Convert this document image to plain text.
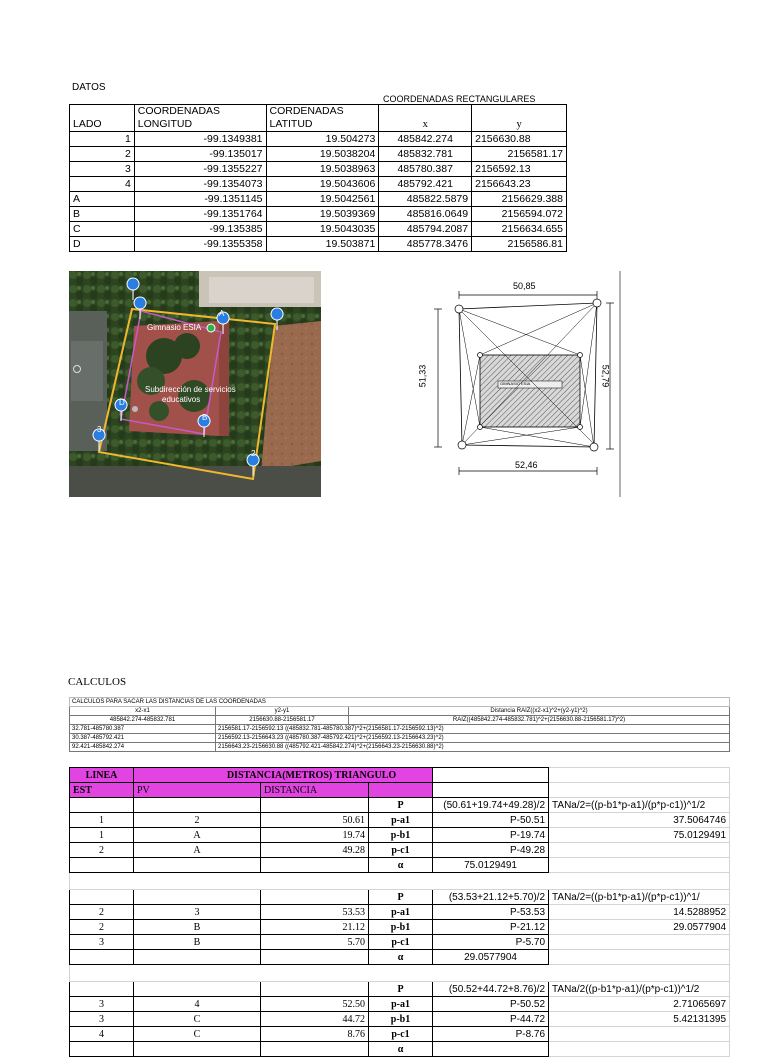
DATOS
COORDENADAS RECTANGULARES
LADO	COORDENADAS LONGITUD	CORDENADAS LATITUD	x	y
1	-99.1349381	19.504273	485842.274	2156630.88
2	-99.135017	19.5038204	485832.781	2156581.17
3	-99.1355227	19.5038963	485780.387	2156592.13
4	-99.1354073	19.5043606	485792.421	2156643.23
A	-99.1351145	19.5042561	485822.5879	2156629.388
B	-99.1351764	19.5039369	485816.0649	2156594.072
C	-99.135385	19.5043035	485794.2087	2156634.655
D	-99.1355358	19.503871	485778.3476	2156586.81
Gimnasio ESIA
Subdirección de servicios
educativos
A
B
D
2
3
50,85
52,46
51,33	52,79
GIMNASIO ESIA
CALCULOS
CALCULOS PARA SACAR LAS DISTANCIAS DE LAS COORDENADAS		
x2-x1	y2-y1	Distancia RAIZ((x2-x1)^2+(y2-y1)^2)
485842.274-485832.781	2156630.88-2156581.17	RAIZ((485842.274-485832.781)^2+(2156630.88-2156581.17)^2)
32.781-485780.387	2156581.17-2156592.13 ((485832.781-485780.387)^2+(2156581.17-2156592.13)^2)	
30.387-485792.421	2156592.13-2156643.23 ((485780.387-485792.421)^2+(2156592.13-2156643.23)^2)	
92.421-485842.274	2156643.23-2156630.88 ((485792.421-485842.274)^2+(2156643.23-2156630.88)^2)	
LINEA	DISTANCIA(METROS) TRIANGULO				
EST	PV	DISTANCIA			
			P	(50.61+19.74+49.28)/2	TANa/2=((p-b1*p-a1)/(p*p-c1))^1/2
1	2	50.61	p-a1	P-50.51	37.5064746
1	A	19.74	p-b1	P-19.74	75.0129491
2	A	49.28	p-c1	P-49.28	
			α	75.0129491	

			P	(53.53+21.12+5.70)/2	TANa/2=((p-b1*p-a1)/(p*p-c1))^1/
2	3	53.53	p-a1	P-53.53	14.5288952
2	B	21.12	p-b1	P-21.12	29.0577904
3	B	5.70	p-c1	P-5.70	
			α	29.0577904	

			P	(50.52+44.72+8.76)/2	TANa/2((p-b1*p-a1)/(p*p-c1))^1/2
3	4	52.50	p-a1	P-50.52	2.71065697
3	C	44.72	p-b1	P-44.72	5.42131395
4	C	8.76	p-c1	P-8.76	
			α		
